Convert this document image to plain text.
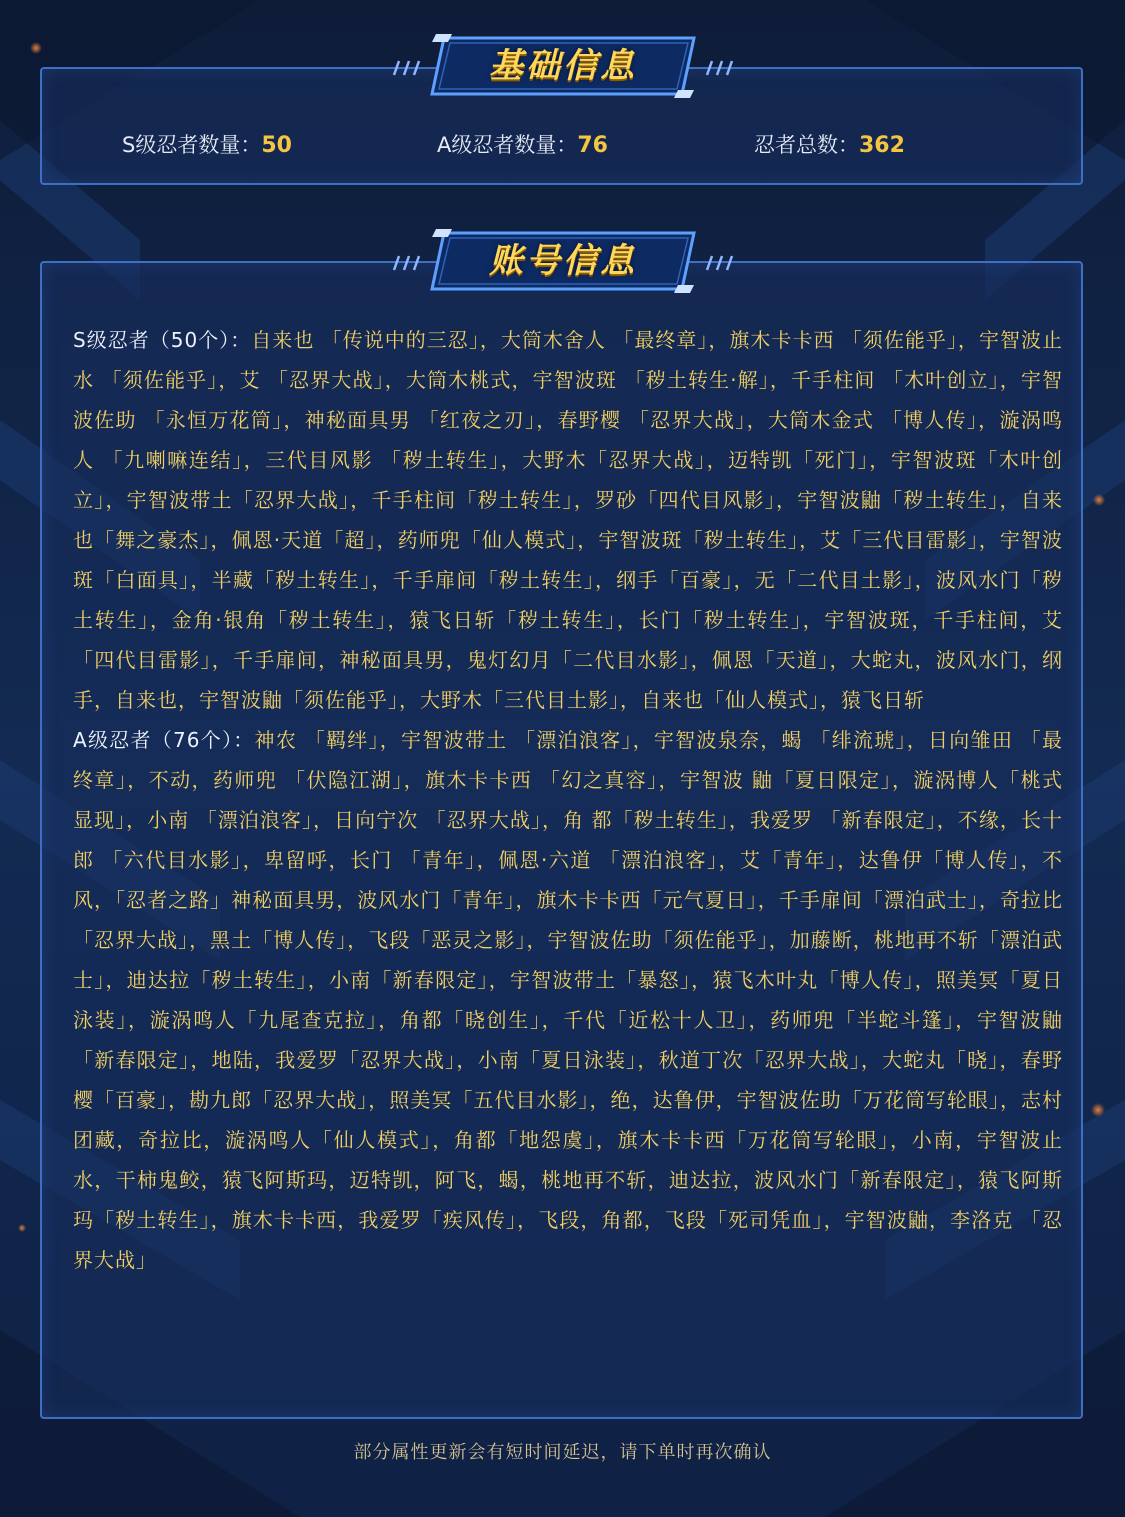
基础信息
S级忍者数量：50	A级忍者数量：76	忍者总数：362
账号信息

S级忍者（50个）：自来也 「传说中的三忍」，大筒木舍人 「最终章」，旗木卡卡西 「须佐能乎」，宇智波止水 「须佐能乎」，艾 「忍界大战」，大筒木桃式，宇智波斑 「秽土转生·解」，千手柱间 「木叶创立」，宇智波佐助 「永恒万花筒」，神秘面具男 「红夜之刃」，春野樱 「忍界大战」，大筒木金式 「博人传」，漩涡鸣人 「九喇嘛连结」，三代目风影 「秽土转生」，大野木「忍界大战」，迈特凯「死门」，宇智波斑「木叶创立」，宇智波带土「忍界大战」，千手柱间「秽土转生」，罗砂「四代目风影」，宇智波鼬「秽土转生」，自来也「舞之豪杰」，佩恩·天道「超」，药师兜「仙人模式」，宇智波斑「秽土转生」，艾「三代目雷影」，宇智波斑「白面具」，半藏「秽土转生」，千手扉间「秽土转生」，纲手「百豪」，无「二代目土影」，波风水门「秽土转生」，金角·银角「秽土转生」，猿飞日斩「秽土转生」，长门「秽土转生」，宇智波斑，千手柱间，艾「四代目雷影」，千手扉间，神秘面具男，鬼灯幻月「二代目水影」，佩恩「天道」，大蛇丸，波风水门，纲手，自来也，宇智波鼬「须佐能乎」，大野木「三代目土影」，自来也「仙人模式」，猿飞日斩

A级忍者（76个）：神农 「羁绊」，宇智波带土 「漂泊浪客」，宇智波泉奈，蝎 「绯流琥」，日向雏田 「最终章」，不动，药师兜 「伏隐江湖」，旗木卡卡西 「幻之真容」，宇智波 鼬「夏日限定」，漩涡博人「桃式显现」，小南 「漂泊浪客」，日向宁次 「忍界大战」，角 都「秽土转生」，我爱罗 「新春限定」，不缘，长十郎 「六代目水影」，卑留呼，长门 「青年」，佩恩·六道 「漂泊浪客」，艾「青年」，达鲁伊「博人传」，不风，「忍者之路」神秘面具男，波风水门「青年」，旗木卡卡西「元气夏日」，千手扉间「漂泊武士」，奇拉比「忍界大战」，黑土「博人传」，飞段「恶灵之影」，宇智波佐助「须佐能乎」，加藤断，桃地再不斩「漂泊武士」，迪达拉「秽土转生」，小南「新春限定」，宇智波带土「暴怒」，猿飞木叶丸「博人传」，照美冥「夏日泳装」，漩涡鸣人「九尾查克拉」，角都「晓创生」，千代「近松十人卫」，药师兜「半蛇斗篷」，宇智波鼬「新春限定」，地陆，我爱罗「忍界大战」，小南「夏日泳装」，秋道丁次「忍界大战」，大蛇丸「晓」，春野樱「百豪」，勘九郎「忍界大战」，照美冥「五代目水影」，绝，达鲁伊，宇智波佐助「万花筒写轮眼」，志村团藏，奇拉比，漩涡鸣人「仙人模式」，角都「地怨虞」，旗木卡卡西「万花筒写轮眼」，小南，宇智波止水，干柿鬼鲛，猿飞阿斯玛，迈特凯，阿飞，蝎，桃地再不斩，迪达拉，波风水门「新春限定」，猿飞阿斯玛「秽土转生」，旗木卡卡西，我爱罗「疾风传」，飞段，角都，飞段「死司凭血」，宇智波鼬，李洛克 「忍界大战」

部分属性更新会有短时间延迟，请下单时再次确认
